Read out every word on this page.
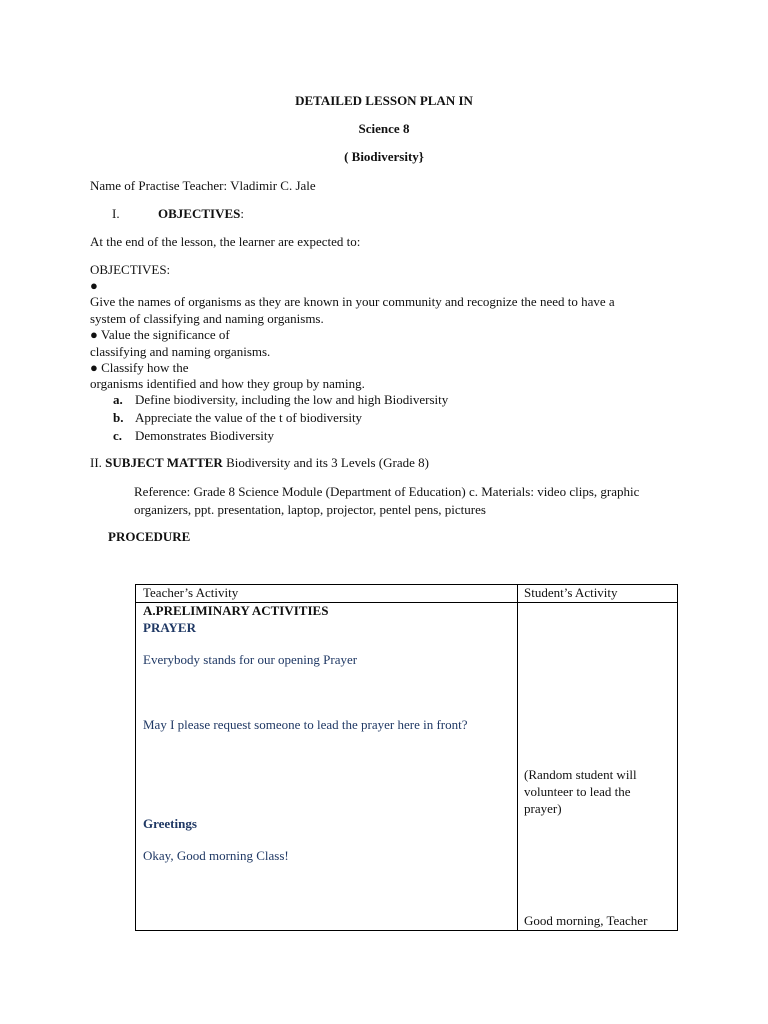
DETAILED LESSON PLAN IN
Science 8
( Biodiversity}
Name of Practise Teacher: Vladimir C. Jale
I.	OBJECTIVES:
At the end of the lesson, the learner are expected to:
OBJECTIVES:
●
Give the names of organisms as they are known in your community and recognize the need to have a
system of classifying and naming organisms.
● Value the significance of
classifying and naming organisms.
● Classify how the
organisms identified and how they group by naming.
a. Define biodiversity, including the low and high Biodiversity
b. Appreciate the value of the t of biodiversity
c. Demonstrates Biodiversity
II. SUBJECT MATTER Biodiversity and its 3 Levels (Grade 8)
Reference: Grade 8 Science Module (Department of Education) c. Materials: video clips, graphic
organizers, ppt. presentation, laptop, projector, pentel pens, pictures
PROCEDURE
Teacher’s Activity	Student’s Activity
A.PRELIMINARY ACTIVITIES
PRAYER
Everybody stands for our opening Prayer
May I please request someone to lead the prayer here in front?
Greetings
Okay, Good morning Class!
(Random student will
volunteer to lead the
prayer)
Good morning, Teacher
